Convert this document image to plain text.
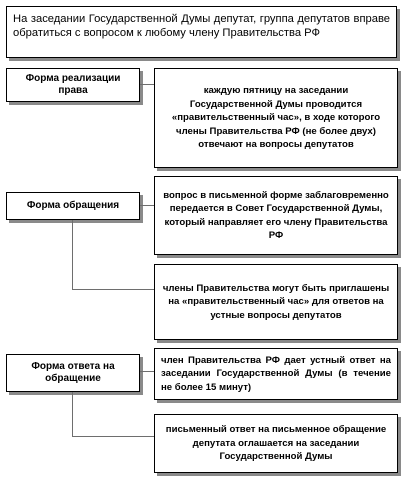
На заседании Государственной Думы депутат, группа депутатов вправе обратиться с вопросом к любому члену Правительства РФ
Форма реализации права	каждую пятницу на заседании Государственной Думы проводится «правительственный час», в ходе которого члены Правительства РФ (не более двух) отвечают на вопросы депутатов
Форма обращения
вопрос в письменной форме заблаговременно передается в Совет Государственной Думы, который направляет его члену Правительства РФ
члены Правительства могут быть приглашены на «правительственный час» для ответов на устные вопросы депутатов
Форма ответа на обращение
член Правительства РФ дает устный ответ на заседании Государственной Думы (в течение не более 15 минут)
письменный ответ на письменное обращение депутата оглашается на заседании Государственной Думы
